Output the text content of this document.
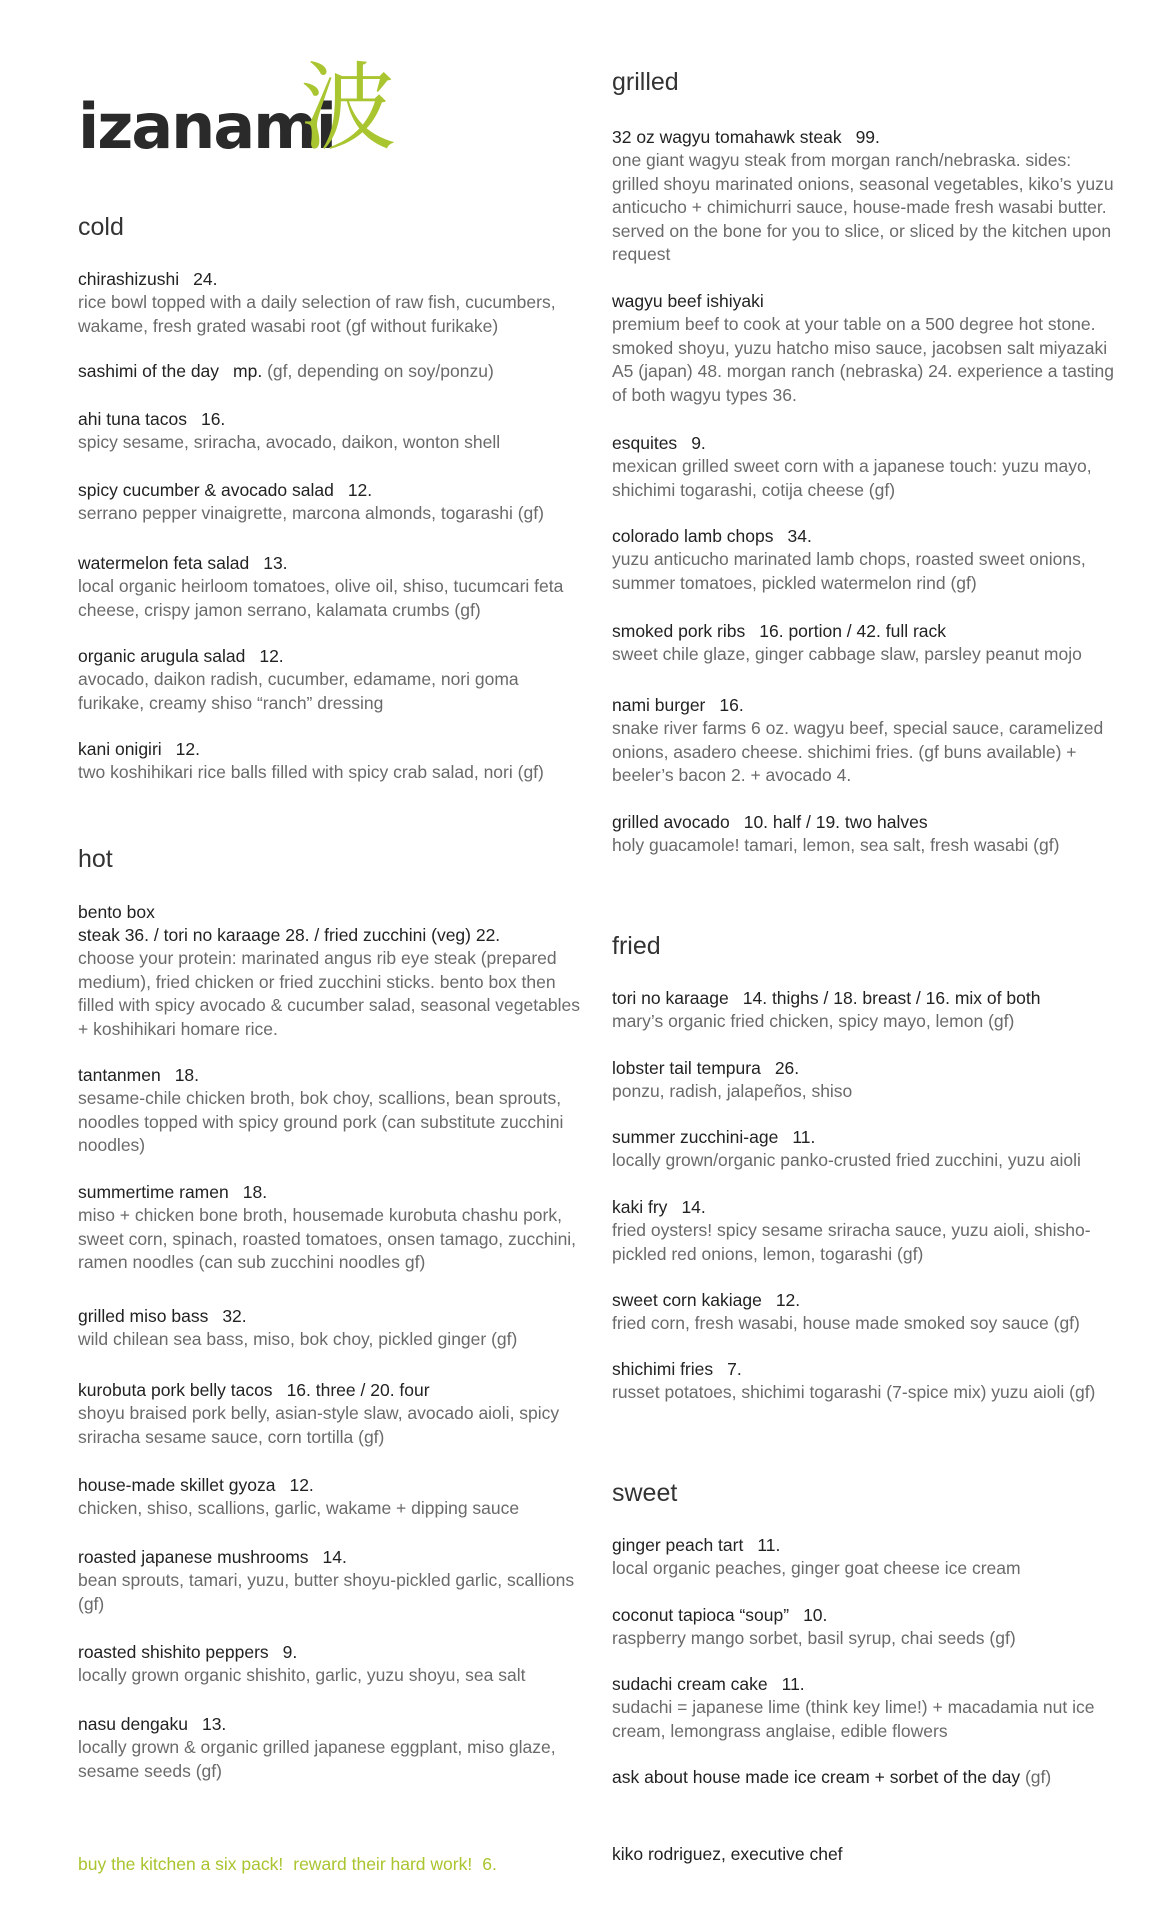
izanami
波
cold
chirashizushi 24.
rice bowl topped with a daily selection of raw fish, cucumbers, wakame, fresh grated wasabi root (gf without furikake)
sashimi of the day mp. (gf, depending on soy/ponzu)
ahi tuna tacos 16.
spicy sesame, sriracha, avocado, daikon, wonton shell
spicy cucumber & avocado salad 12.
serrano pepper vinaigrette, marcona almonds, togarashi (gf)
watermelon feta salad 13.
local organic heirloom tomatoes, olive oil, shiso, tucumcari feta cheese, crispy jamon serrano, kalamata crumbs (gf)
organic arugula salad 12.
avocado, daikon radish, cucumber, edamame, nori goma furikake, creamy shiso “ranch” dressing
kani onigiri 12.
two koshihikari rice balls filled with spicy crab salad, nori (gf)
hot
bento box
steak 36. / tori no karaage 28. / fried zucchini (veg) 22.
choose your protein: marinated angus rib eye steak (prepared medium), fried chicken or fried zucchini sticks. bento box then filled with spicy avocado & cucumber salad, seasonal vegetables + koshihikari homare rice.
tantanmen 18.
sesame-chile chicken broth, bok choy, scallions, bean sprouts, noodles topped with spicy ground pork (can substitute zucchini noodles)
summertime ramen 18.
miso + chicken bone broth, housemade kurobuta chashu pork, sweet corn, spinach, roasted tomatoes, onsen tamago, zucchini, ramen noodles (can sub zucchini noodles gf)
grilled miso bass 32.
wild chilean sea bass, miso, bok choy, pickled ginger (gf)
kurobuta pork belly tacos 16. three / 20. four
shoyu braised pork belly, asian-style slaw, avocado aioli, spicy sriracha sesame sauce, corn tortilla (gf)
house-made skillet gyoza 12.
chicken, shiso, scallions, garlic, wakame + dipping sauce
roasted japanese mushrooms 14.
bean sprouts, tamari, yuzu, butter shoyu-pickled garlic, scallions (gf)
roasted shishito peppers 9.
locally grown organic shishito, garlic, yuzu shoyu, sea salt
nasu dengaku 13.
locally grown & organic grilled japanese eggplant, miso glaze, sesame seeds (gf)
grilled
32 oz wagyu tomahawk steak 99.
one giant wagyu steak from morgan ranch/nebraska. sides: grilled shoyu marinated onions, seasonal vegetables, kiko’s yuzu anticucho + chimichurri sauce, house-made fresh wasabi butter. served on the bone for you to slice, or sliced by the kitchen upon request
wagyu beef ishiyaki
premium beef to cook at your table on a 500 degree hot stone. smoked shoyu, yuzu hatcho miso sauce, jacobsen salt miyazaki A5 (japan) 48. morgan ranch (nebraska) 24. experience a tasting of both wagyu types 36.
esquites 9.
mexican grilled sweet corn with a japanese touch: yuzu mayo, shichimi togarashi, cotija cheese (gf)
colorado lamb chops 34.
yuzu anticucho marinated lamb chops, roasted sweet onions, summer tomatoes, pickled watermelon rind (gf)
smoked pork ribs 16. portion / 42. full rack
sweet chile glaze, ginger cabbage slaw, parsley peanut mojo
nami burger 16.
snake river farms 6 oz. wagyu beef, special sauce, caramelized onions, asadero cheese. shichimi fries. (gf buns available) + beeler’s bacon 2. + avocado 4.
grilled avocado 10. half / 19. two halves
holy guacamole! tamari, lemon, sea salt, fresh wasabi (gf)
fried
tori no karaage 14. thighs / 18. breast / 16. mix of both
mary’s organic fried chicken, spicy mayo, lemon (gf)
lobster tail tempura 26.
ponzu, radish, jalapeños, shiso
summer zucchini-age 11.
locally grown/organic panko-crusted fried zucchini, yuzu aioli
kaki fry 14.
fried oysters! spicy sesame sriracha sauce, yuzu aioli, shisho-pickled red onions, lemon, togarashi (gf)
sweet corn kakiage 12.
fried corn, fresh wasabi, house made smoked soy sauce (gf)
shichimi fries 7.
russet potatoes, shichimi togarashi (7-spice mix) yuzu aioli (gf)
sweet
ginger peach tart 11.
local organic peaches, ginger goat cheese ice cream
coconut tapioca “soup” 10.
raspberry mango sorbet, basil syrup, chai seeds (gf)
sudachi cream cake 11.
sudachi = japanese lime (think key lime!) + macadamia nut ice cream, lemongrass anglaise, edible flowers
ask about house made ice cream + sorbet of the day (gf)
buy the kitchen a six pack! reward their hard work! 6.	kiko rodriguez, executive chef
